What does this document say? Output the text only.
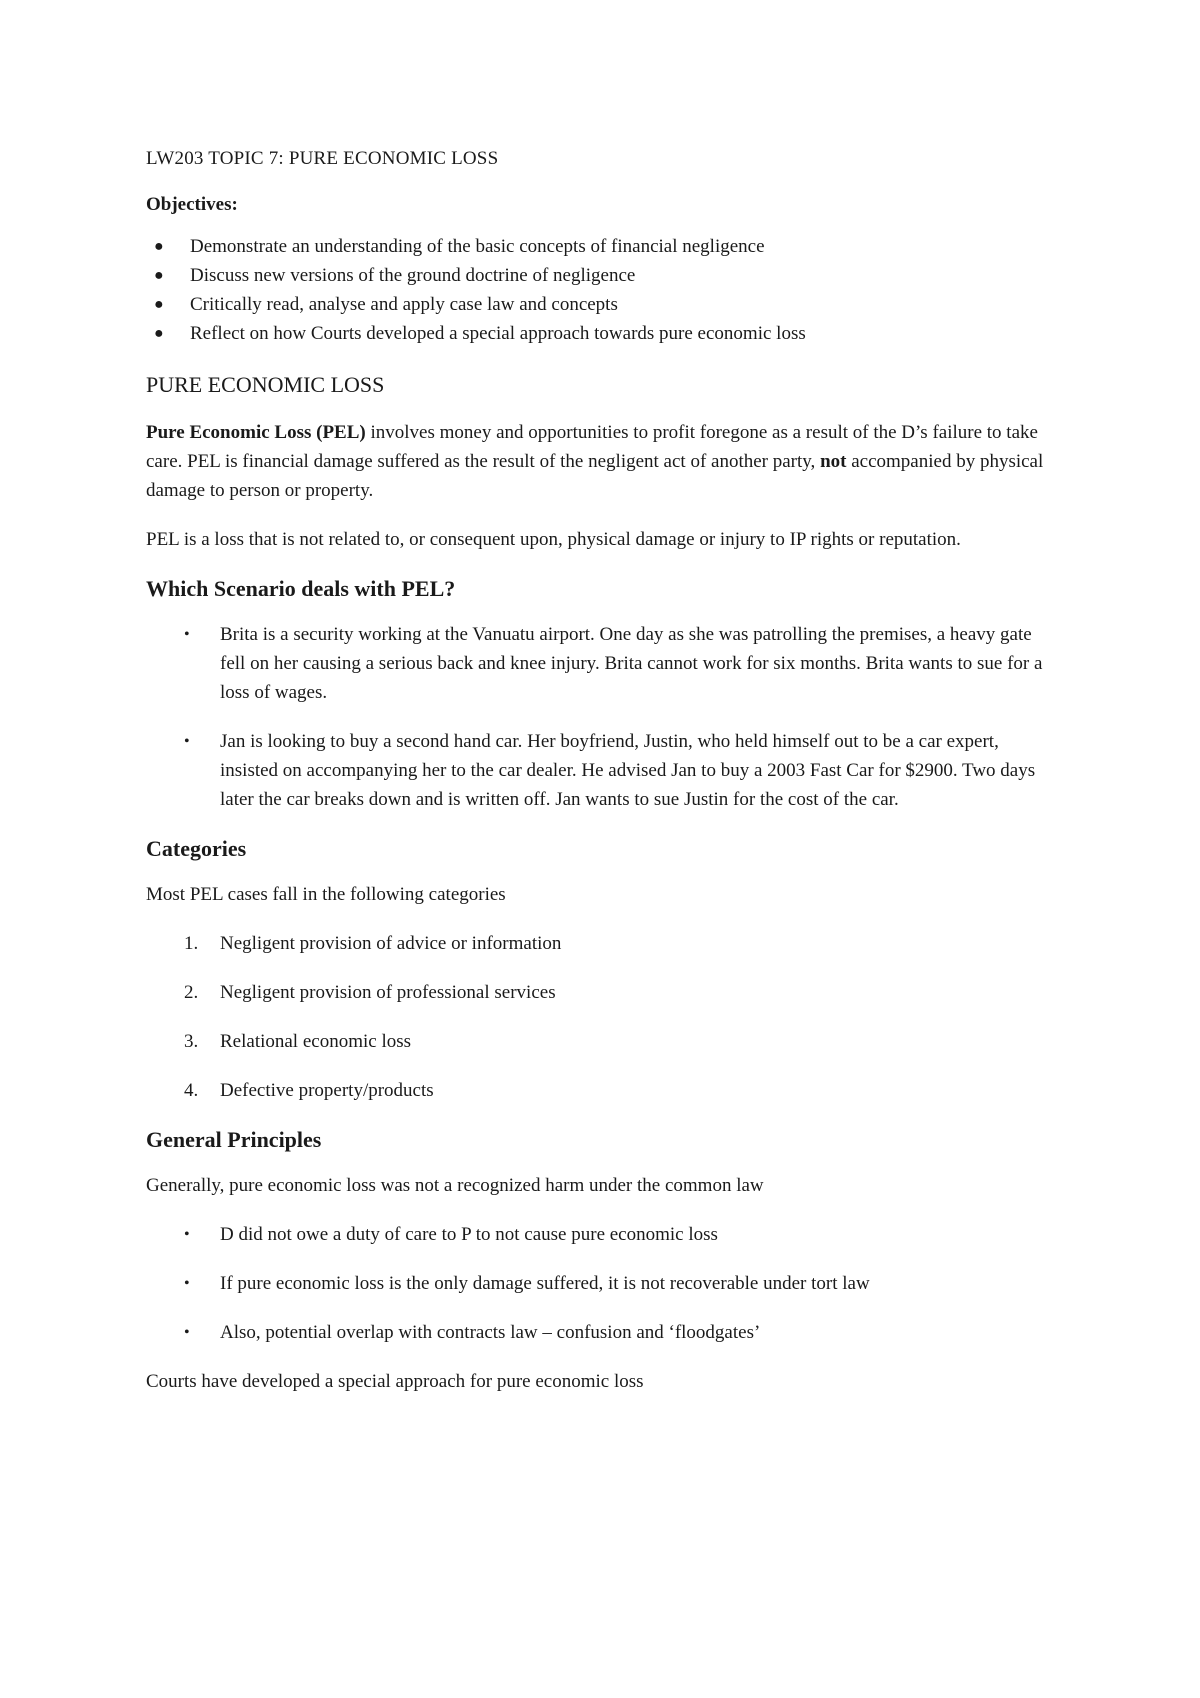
LW203 TOPIC 7: PURE ECONOMIC LOSS
Objectives:
● Demonstrate an understanding of the basic concepts of financial negligence
● Discuss new versions of the ground doctrine of negligence
● Critically read, analyse and apply case law and concepts
● Reflect on how Courts developed a special approach towards pure economic loss
PURE ECONOMIC LOSS

Pure Economic Loss (PEL) involves money and opportunities to profit foregone as a result of the D’s failure to take care. PEL is financial damage suffered as the result of the negligent act of another party, not accompanied by physical damage to person or property.

PEL is a loss that is not related to, or consequent upon, physical damage or injury to IP rights or reputation.

Which Scenario deals with PEL?
• Brita is a security working at the Vanuatu airport. One day as she was patrolling the premises, a heavy gate fell on her causing a serious back and knee injury. Brita cannot work for six months. Brita wants to sue for a loss of wages.
• Jan is looking to buy a second hand car. Her boyfriend, Justin, who held himself out to be a car expert, insisted on accompanying her to the car dealer. He advised Jan to buy a 2003 Fast Car for $2900. Two days later the car breaks down and is written off. Jan wants to sue Justin for the cost of the car.
Categories

Most PEL cases fall in the following categories

1. Negligent provision of advice or information
2. Negligent provision of professional services
3. Relational economic loss
4. Defective property/products
General Principles

Generally, pure economic loss was not a recognized harm under the common law

• D did not owe a duty of care to P to not cause pure economic loss
• If pure economic loss is the only damage suffered, it is not recoverable under tort law
• Also, potential overlap with contracts law – confusion and ‘floodgates’

Courts have developed a special approach for pure economic loss
